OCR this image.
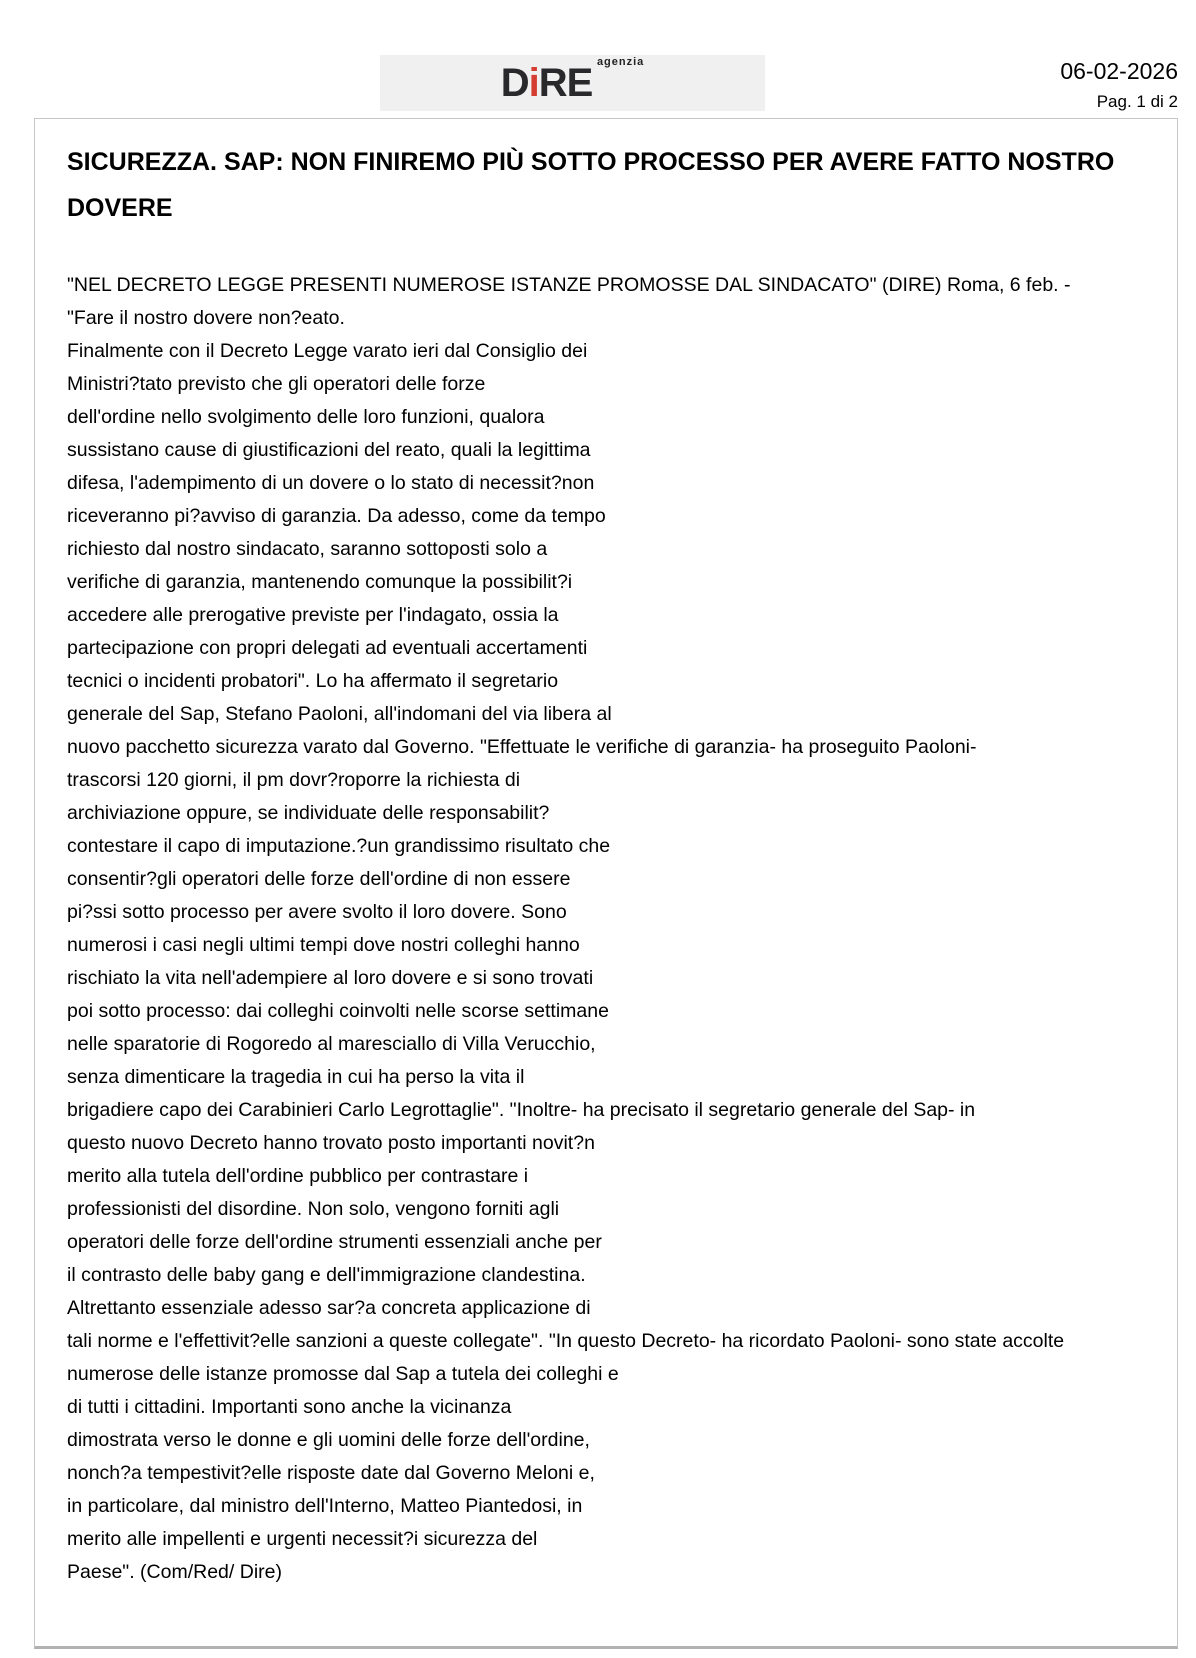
DiRE agenzia	06-02-2026
Pag. 1 di 2
SICUREZZA. SAP: NON FINIREMO PIÙ SOTTO PROCESSO PER AVERE FATTO NOSTRO DOVERE
"NEL DECRETO LEGGE PRESENTI NUMEROSE ISTANZE PROMOSSE DAL SINDACATO" (DIRE) Roma, 6 feb. -
"Fare il nostro dovere non?eato.
Finalmente con il Decreto Legge varato ieri dal Consiglio dei
Ministri?tato previsto che gli operatori delle forze
dell'ordine nello svolgimento delle loro funzioni, qualora
sussistano cause di giustificazioni del reato, quali la legittima
difesa, l'adempimento di un dovere o lo stato di necessit?non
riceveranno pi?avviso di garanzia. Da adesso, come da tempo
richiesto dal nostro sindacato, saranno sottoposti solo a
verifiche di garanzia, mantenendo comunque la possibilit?i
accedere alle prerogative previste per l'indagato, ossia la
partecipazione con propri delegati ad eventuali accertamenti
tecnici o incidenti probatori". Lo ha affermato il segretario
generale del Sap, Stefano Paoloni, all'indomani del via libera al
nuovo pacchetto sicurezza varato dal Governo. "Effettuate le verifiche di garanzia- ha proseguito Paoloni-
trascorsi 120 giorni, il pm dovr?roporre la richiesta di
archiviazione oppure, se individuate delle responsabilit?
contestare il capo di imputazione.?un grandissimo risultato che
consentir?gli operatori delle forze dell'ordine di non essere
pi?ssi sotto processo per avere svolto il loro dovere. Sono
numerosi i casi negli ultimi tempi dove nostri colleghi hanno
rischiato la vita nell'adempiere al loro dovere e si sono trovati
poi sotto processo: dai colleghi coinvolti nelle scorse settimane
nelle sparatorie di Rogoredo al maresciallo di Villa Verucchio,
senza dimenticare la tragedia in cui ha perso la vita il
brigadiere capo dei Carabinieri Carlo Legrottaglie". "Inoltre- ha precisato il segretario generale del Sap- in
questo nuovo Decreto hanno trovato posto importanti novit?n
merito alla tutela dell'ordine pubblico per contrastare i
professionisti del disordine. Non solo, vengono forniti agli
operatori delle forze dell'ordine strumenti essenziali anche per
il contrasto delle baby gang e dell'immigrazione clandestina.
Altrettanto essenziale adesso sar?a concreta applicazione di
tali norme e l'effettivit?elle sanzioni a queste collegate". "In questo Decreto- ha ricordato Paoloni- sono state accolte
numerose delle istanze promosse dal Sap a tutela dei colleghi e
di tutti i cittadini. Importanti sono anche la vicinanza
dimostrata verso le donne e gli uomini delle forze dell'ordine,
nonch?a tempestivit?elle risposte date dal Governo Meloni e,
in particolare, dal ministro dell'Interno, Matteo Piantedosi, in
merito alle impellenti e urgenti necessit?i sicurezza del
Paese". (Com/Red/ Dire)
